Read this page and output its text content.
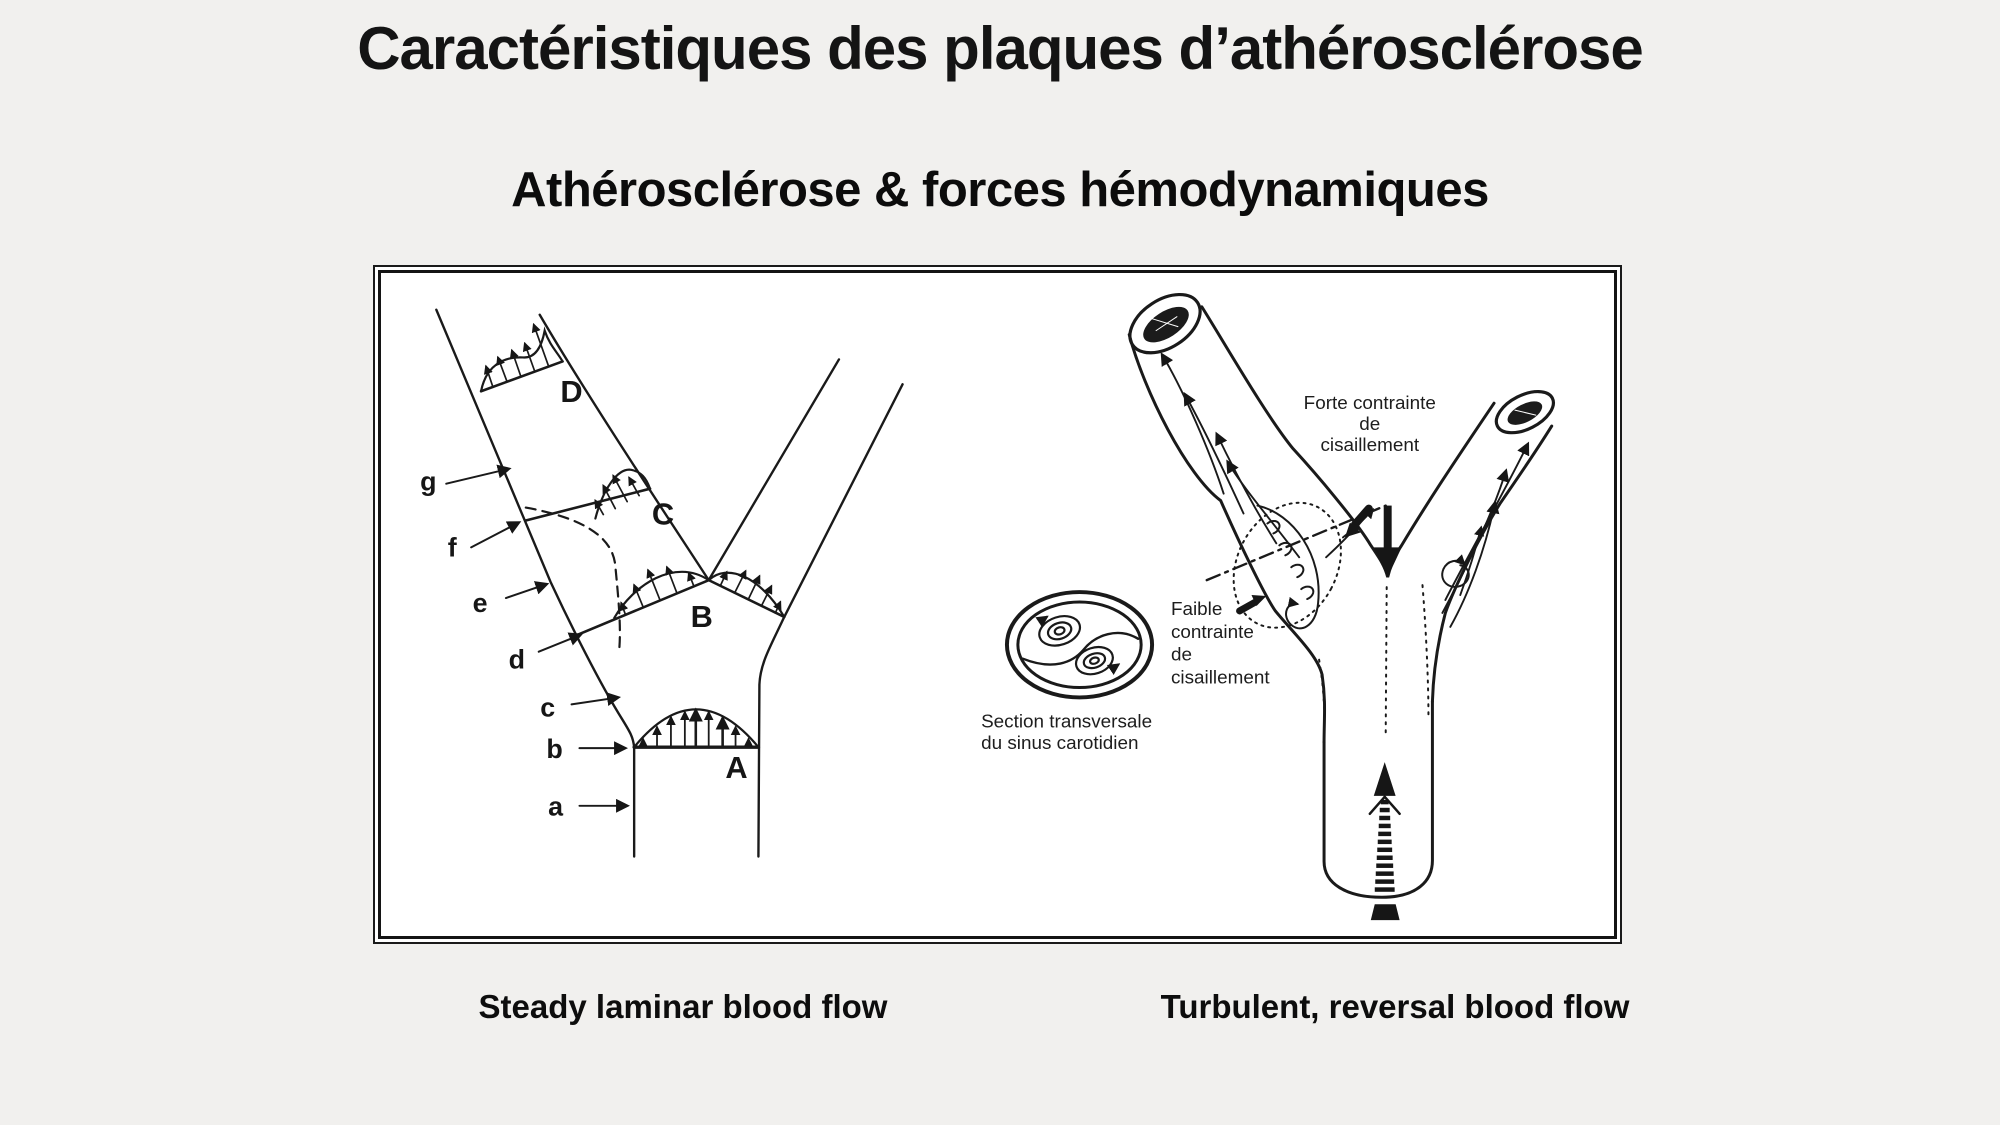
Caractéristiques des plaques d’athérosclérose
Athérosclérose & forces hémodynamiques
A
B
C
D
a
b
c
d
e
f
g
Forte contrainte
de
cisaillement
Faible
contrainte
de
cisaillement
Section transversale
du sinus carotidien
Steady laminar blood flow	Turbulent, reversal blood flow
